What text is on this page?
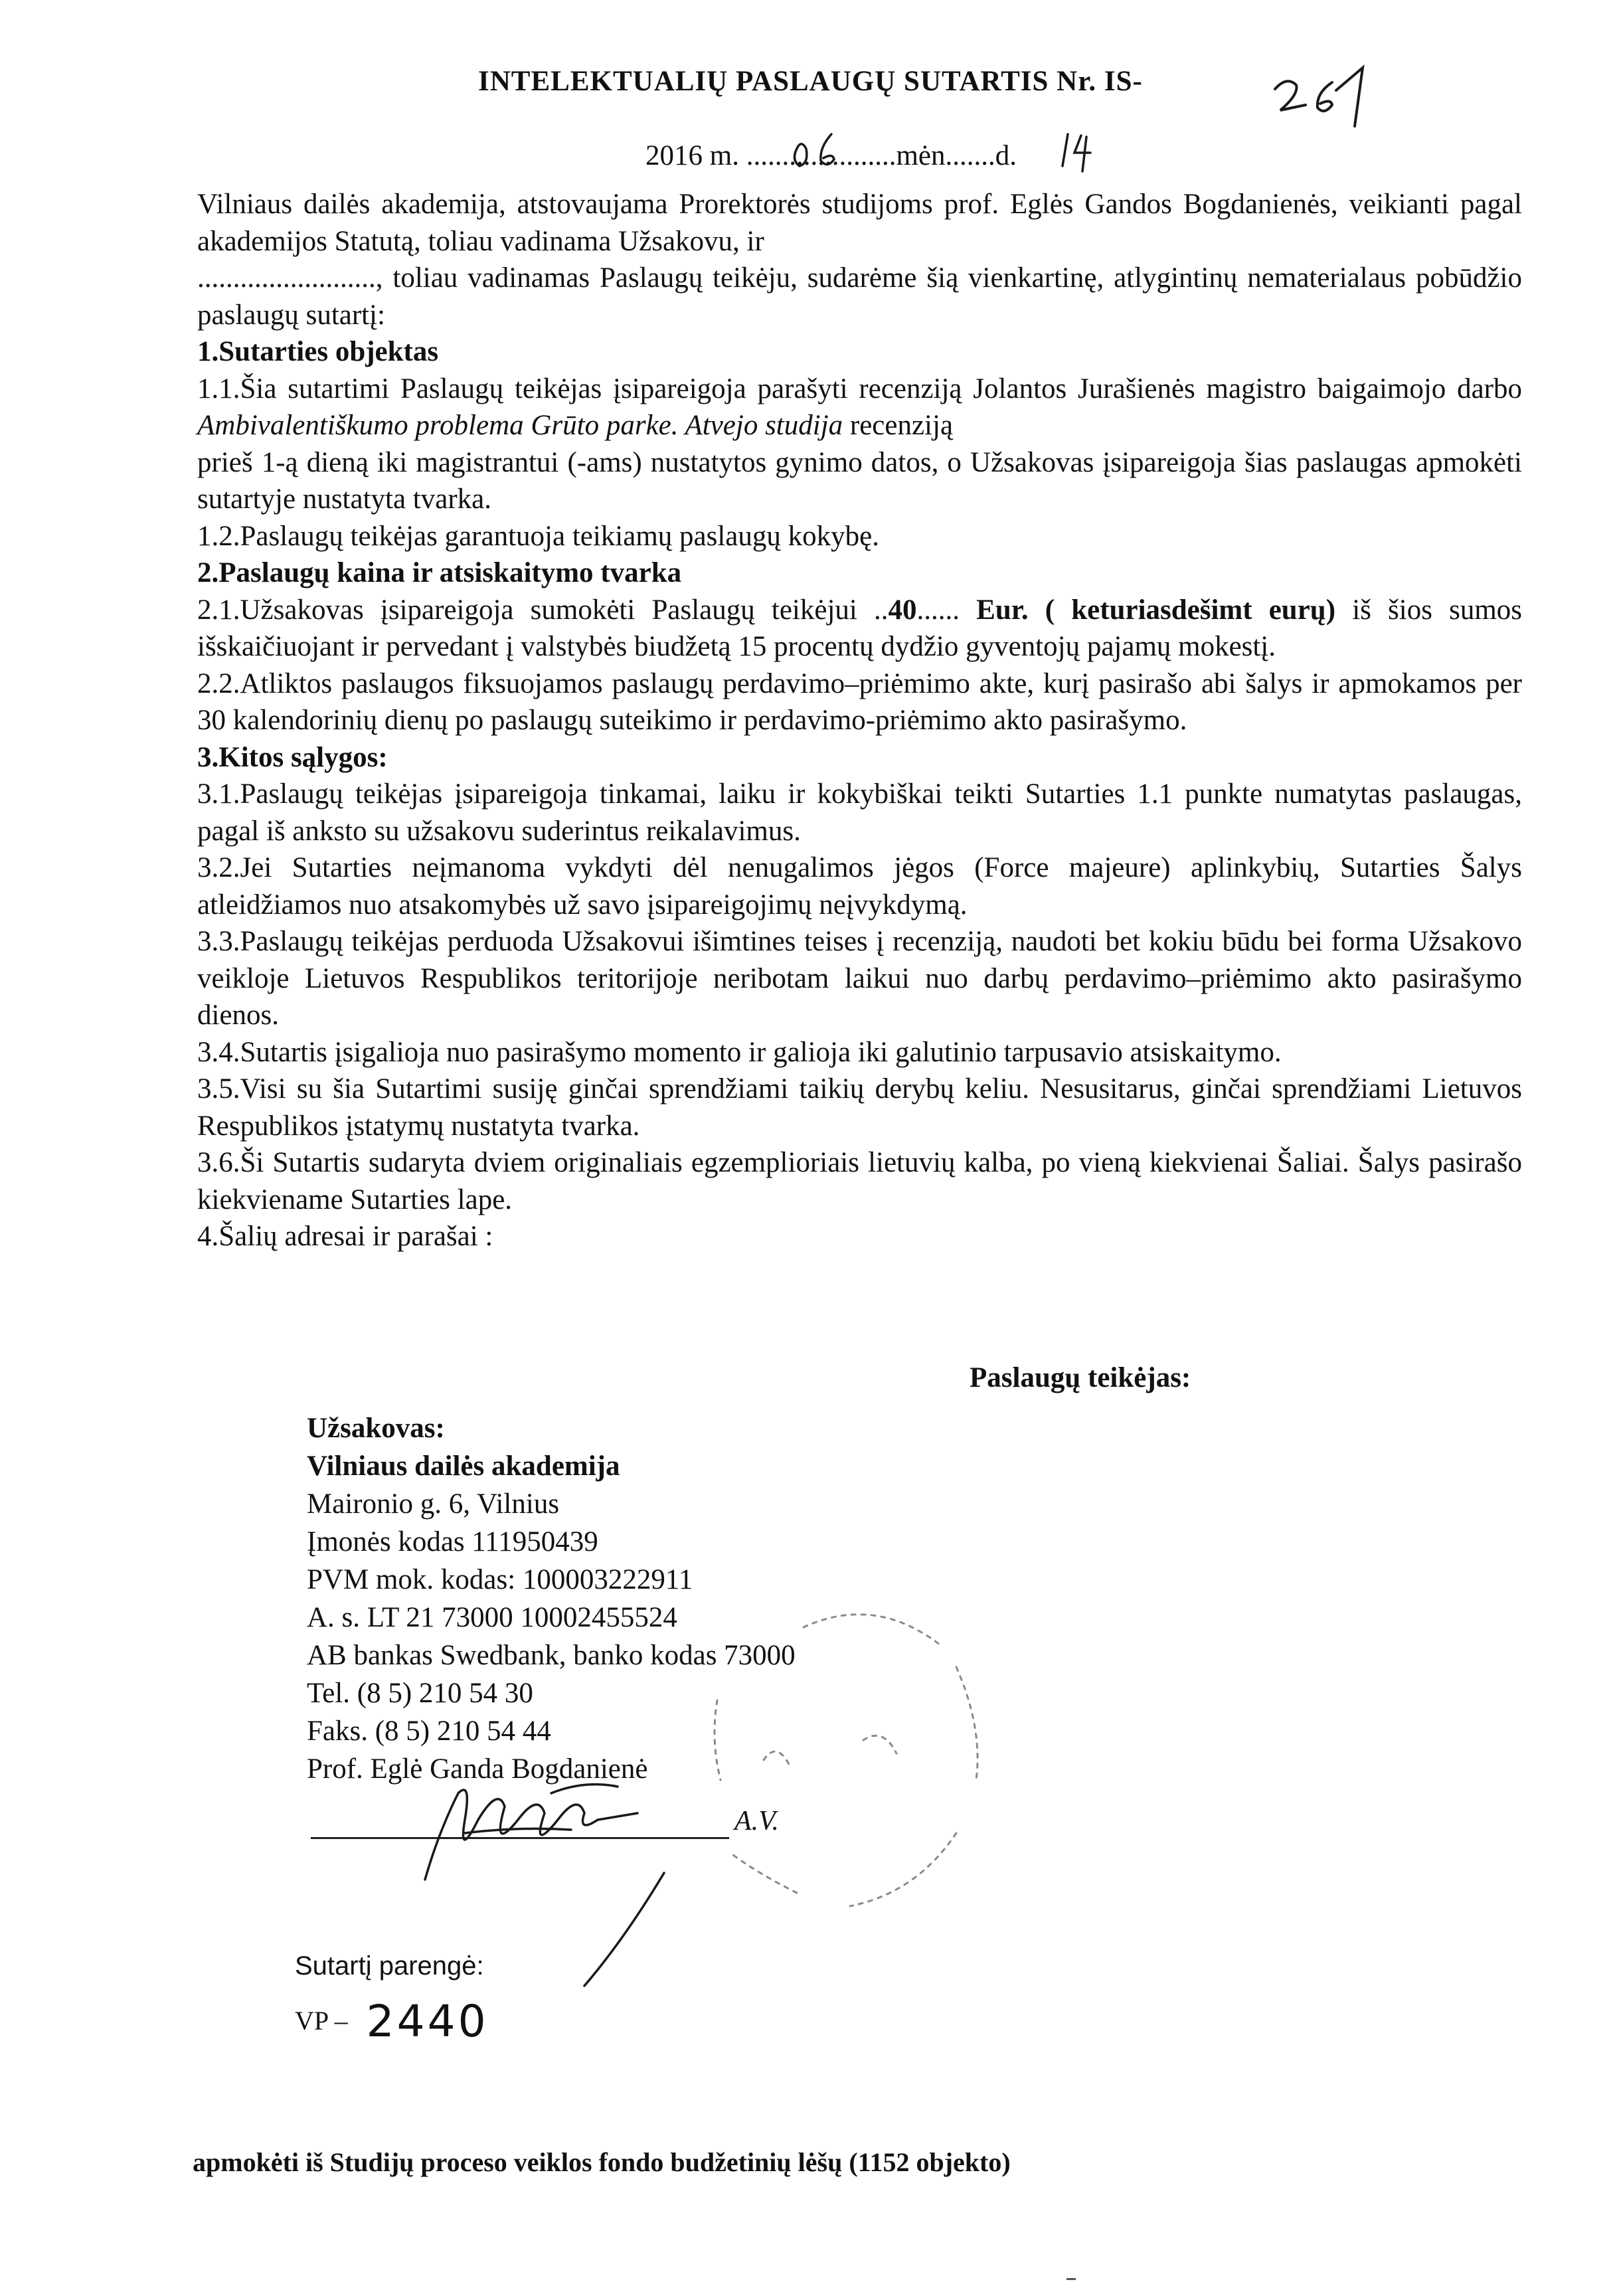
INTELEKTUALIŲ PASLAUGŲ SUTARTIS Nr. IS-
2016 m. .....................mėn.......d.

Vilniaus dailės akademija, atstovaujama Prorektorės studijoms prof. Eglės Gandos Bogdanienės, veikianti pagal akademijos Statutą, toliau vadinama Užsakovu, ir

........................., toliau vadinamas Paslaugų teikėju, sudarėme šią vienkartinę, atlygintinų nematerialaus pobūdžio paslaugų sutartį:

1.Sutarties objektas

1.1.Šia sutartimi Paslaugų teikėjas įsipareigoja parašyti recenziją Jolantos Jurašienės magistro baigaimojo darbo Ambivalentiškumo problema Grūto parke. Atvejo studija recenziją

prieš 1-ą dieną iki magistrantui (-ams) nustatytos gynimo datos, o Užsakovas įsipareigoja šias paslaugas apmokėti sutartyje nustatyta tvarka.

1.2.Paslaugų teikėjas garantuoja teikiamų paslaugų kokybę.

2.Paslaugų kaina ir atsiskaitymo tvarka

2.1.Užsakovas įsipareigoja sumokėti Paslaugų teikėjui ..40...... Eur. ( keturiasdešimt eurų) iš šios sumos išskaičiuojant ir pervedant į valstybės biudžetą 15 procentų dydžio gyventojų pajamų mokestį.

2.2.Atliktos paslaugos fiksuojamos paslaugų perdavimo–priėmimo akte, kurį pasirašo abi šalys ir apmokamos per 30 kalendorinių dienų po paslaugų suteikimo ir perdavimo-priėmimo akto pasirašymo.

3.Kitos sąlygos:

3.1.Paslaugų teikėjas įsipareigoja tinkamai, laiku ir kokybiškai teikti Sutarties 1.1 punkte numatytas paslaugas, pagal iš anksto su užsakovu suderintus reikalavimus.

3.2.Jei Sutarties neįmanoma vykdyti dėl nenugalimos jėgos (Force majeure) aplinkybių, Sutarties Šalys atleidžiamos nuo atsakomybės už savo įsipareigojimų neįvykdymą.

3.3.Paslaugų teikėjas perduoda Užsakovui išimtines teises į recenziją, naudoti bet kokiu būdu bei forma Užsakovo veikloje Lietuvos Respublikos teritorijoje neribotam laikui nuo darbų perdavimo–priėmimo akto pasirašymo dienos.

3.4.Sutartis įsigalioja nuo pasirašymo momento ir galioja iki galutinio tarpusavio atsiskaitymo.

3.5.Visi su šia Sutartimi susiję ginčai sprendžiami taikių derybų keliu. Nesusitarus, ginčai sprendžiami Lietuvos Respublikos įstatymų nustatyta tvarka.

3.6.Ši Sutartis sudaryta dviem originaliais egzemplioriais lietuvių kalba, po vieną kiekvienai Šaliai. Šalys pasirašo kiekviename Sutarties lape.

4.Šalių adresai ir parašai :

Paslaugų teikėjas:
Užsakovas:
Vilniaus dailės akademija
Maironio g. 6, Vilnius
Įmonės kodas 111950439
PVM mok. kodas: 100003222911
A. s. LT 21 73000 10002455524
AB bankas Swedbank, banko kodas 73000
Tel. (8 5) 210 54 30
Faks. (8 5) 210 54 44
Prof. Eglė Ganda Bogdanienė
A.V.
Sutartį parengė:
VP – 2440
apmokėti iš Studijų proceso veiklos fondo budžetinių lėšų (1152 objekto)
